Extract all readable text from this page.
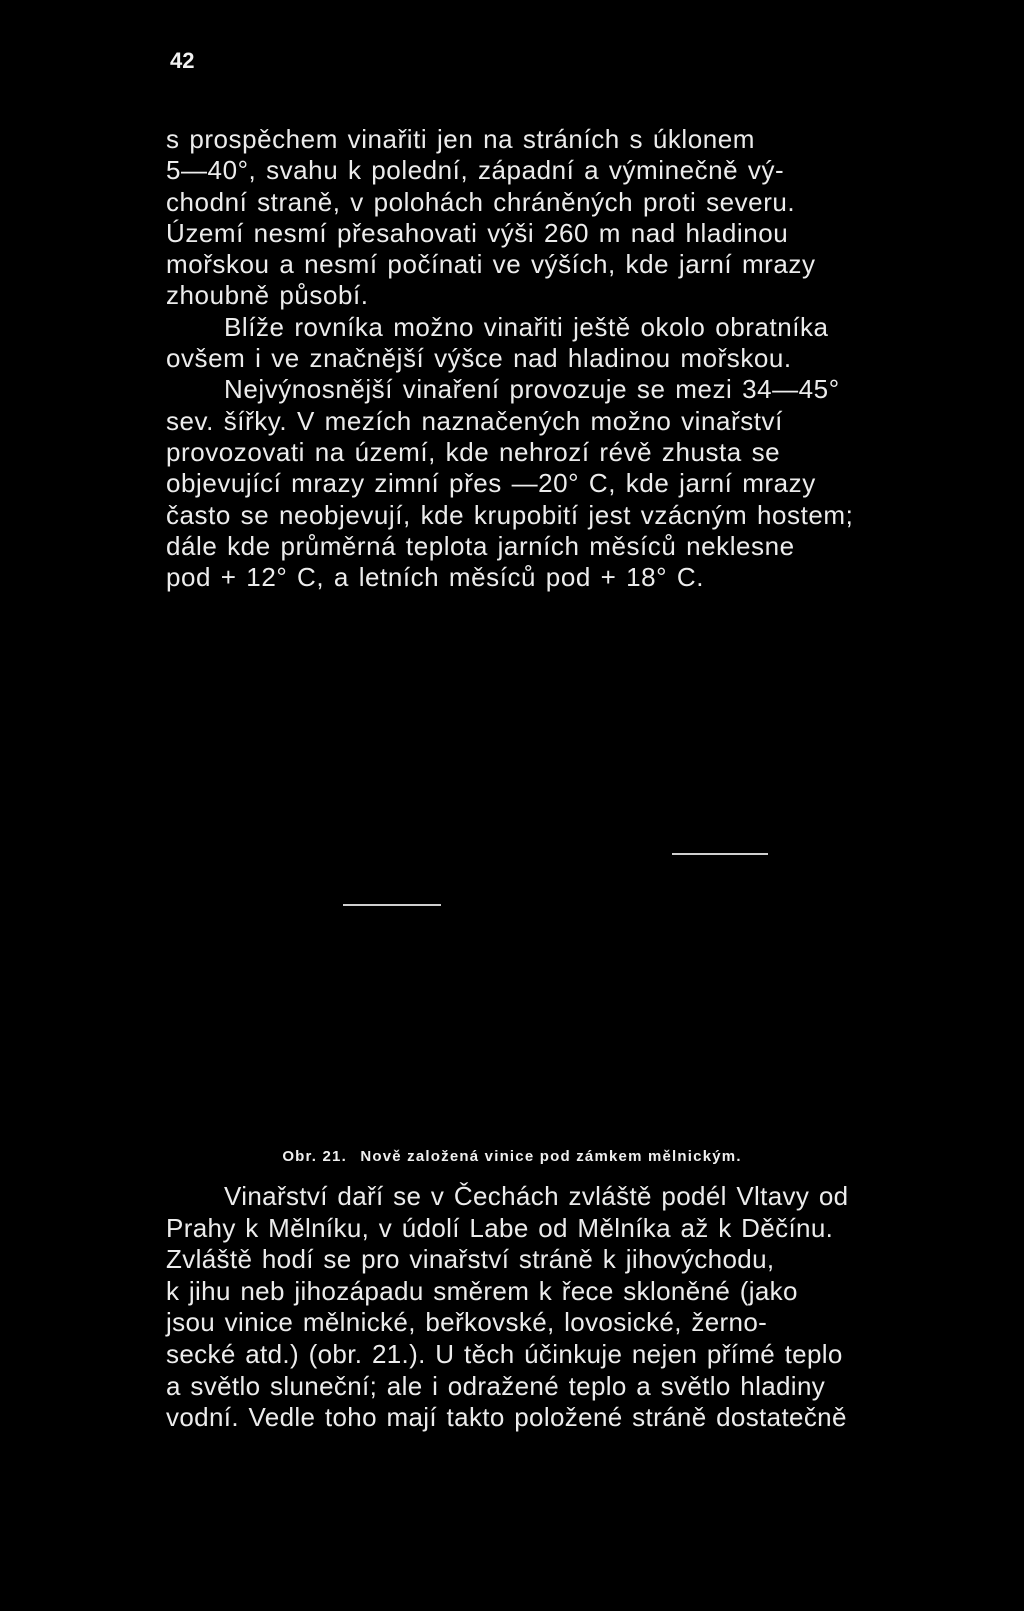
42
s prospěchem vinařiti jen na stráních s úklonem
5—40°, svahu k polední, západní a výminečně vý-
chodní straně, v polohách chráněných proti severu.
Území nesmí přesahovati výši 260 m nad hladinou
mořskou a nesmí počínati ve výších, kde jarní mrazy
zhoubně působí.
Blíže rovníka možno vinařiti ještě okolo obratníka
ovšem i ve značnější výšce nad hladinou mořskou.
Nejvýnosnější vinaření provozuje se mezi 34—45°
sev. šířky. V mezích naznačených možno vinařství
provozovati na území, kde nehrozí révě zhusta se
objevující mrazy zimní přes —20° C, kde jarní mrazy
často se neobjevují, kde krupobití jest vzácným hostem;
dále kde průměrná teplota jarních měsíců neklesne
pod + 12° C, a letních měsíců pod + 18° C.
Obr. 21. Nově založená vinice pod zámkem mělnickým.
Vinařství daří se v Čechách zvláště podél Vltavy od
Prahy k Mělníku, v údolí Labe od Mělníka až k Děčínu.
Zvláště hodí se pro vinařství stráně k jihovýchodu,
k jihu neb jihozápadu směrem k řece skloněné (jako
jsou vinice mělnické, beřkovské, lovosické, žerno-
secké atd.) (obr. 21.). U těch účinkuje nejen přímé teplo
a světlo sluneční; ale i odražené teplo a světlo hladiny
vodní. Vedle toho mají takto položené stráně dostatečně
